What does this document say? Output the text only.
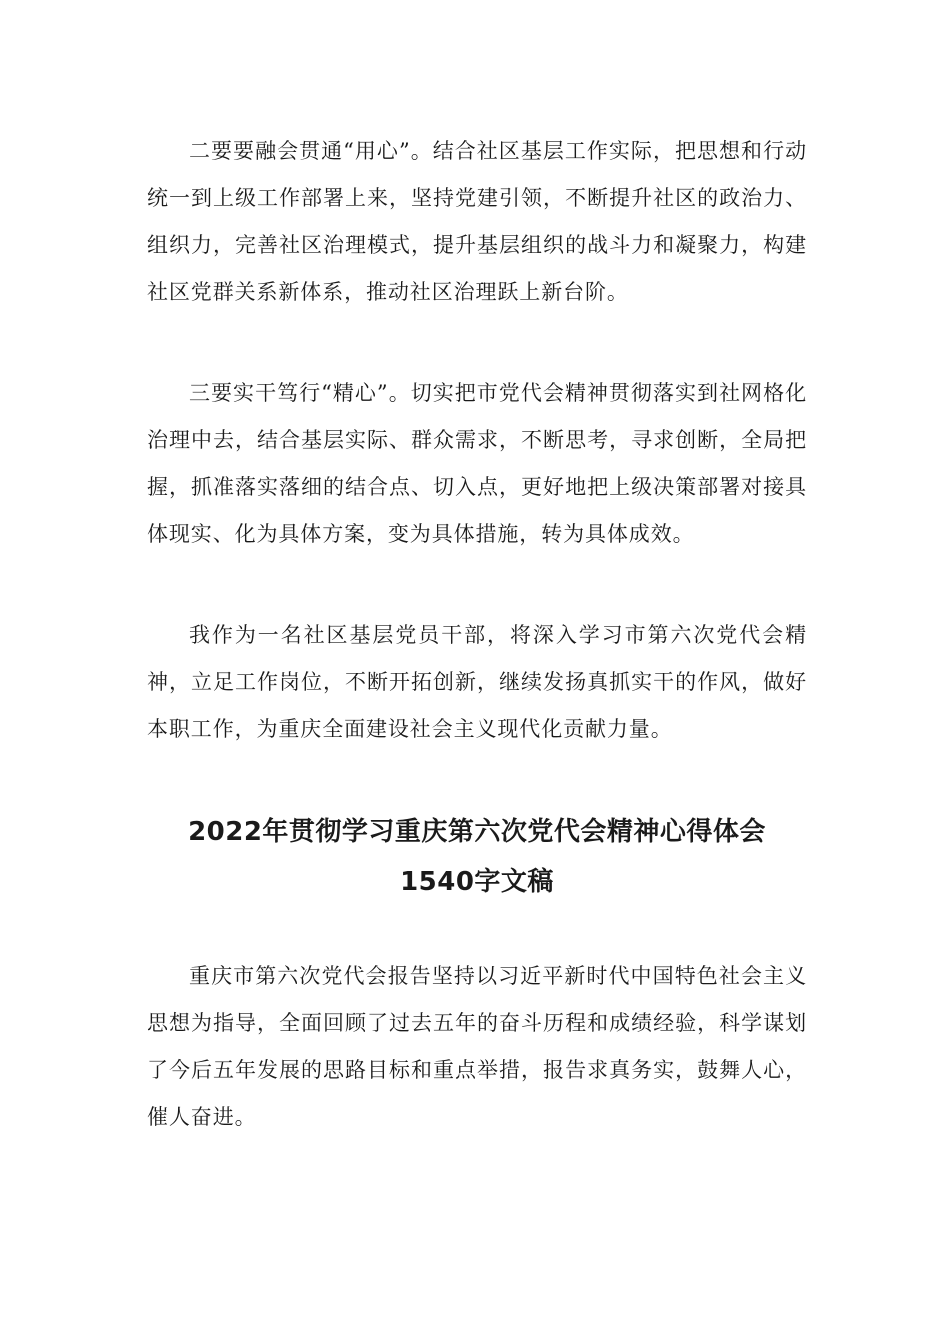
二要要融会贯通“用心”。结合社区基层工作实际，把思想和行动统一到上级工作部署上来，坚持党建引领，不断提升社区的政治力、组织力，完善社区治理模式，提升基层组织的战斗力和凝聚力，构建社区党群关系新体系，推动社区治理跃上新台阶。

三要实干笃行“精心”。切实把市党代会精神贯彻落实到社网格化治理中去，结合基层实际、群众需求，不断思考，寻求创断，全局把握，抓准落实落细的结合点、切入点，更好地把上级决策部署对接具体现实、化为具体方案，变为具体措施，转为具体成效。

我作为一名社区基层党员干部，将深入学习市第六次党代会精神，立足工作岗位，不断开拓创新，继续发扬真抓实干的作风，做好本职工作，为重庆全面建设社会主义现代化贡献力量。

2022年贯彻学习重庆第六次党代会精神心得体会
1540字文稿

重庆市第六次党代会报告坚持以习近平新时代中国特色社会主义思想为指导，全面回顾了过去五年的奋斗历程和成绩经验，科学谋划了今后五年发展的思路目标和重点举措，报告求真务实，鼓舞人心，催人奋进。
